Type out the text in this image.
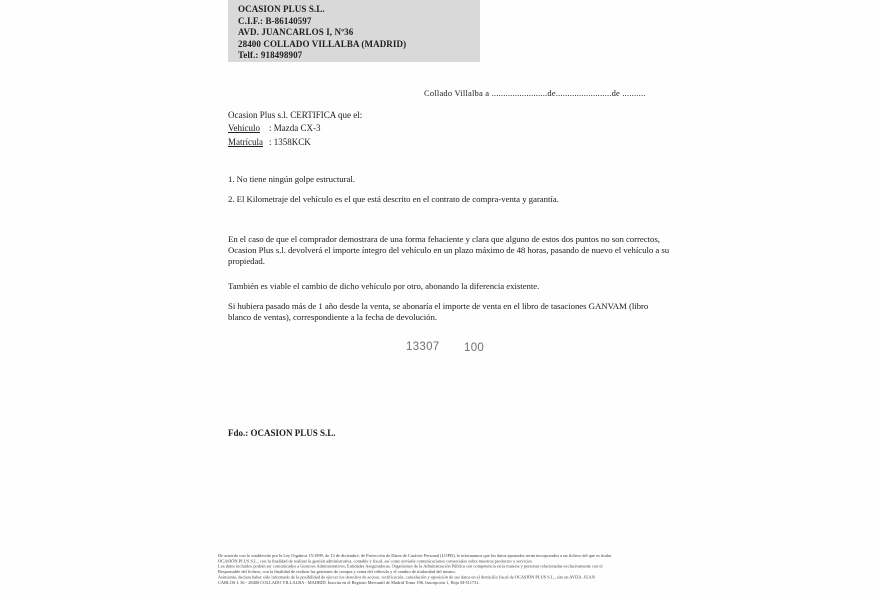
OCASION PLUS S.L.
C.I.F.: B-86140597
AVD. JUANCARLOS I, Nº36
28400 COLLADO VILLALBA (MADRID)
Telf.: 918498907
Collado Villalba a ........................de........................de ..........
Ocasion Plus s.l. CERTIFICA que el:
Vehículo : Mazda CX-3
Matrícula : 1358KCK
1. No tiene ningún golpe estructural.
2. El Kilometraje del vehículo es el que está descrito en el contrato de compra-venta y garantía.
En el caso de que el comprador demostrara de una forma fehaciente y clara que alguno de estos dos puntos no son correctos, Ocasion Plus s.l. devolverá el importe íntegro del vehículo en un plazo máximo de 48 horas, pasando de nuevo el vehículo a su propiedad.
También es viable el cambio de dicho vehículo por otro, abonando la diferencia existente.
Si hubiera pasado más de 1 año desde la venta, se abonaría el importe de venta en el libro de tasaciones GANVAM (libro blanco de ventas), correspondiente a la fecha de devolución.
Fdo.: OCASION PLUS S.L.
De acuerdo con lo establecido por la Ley Orgánica 15/1999, de 13 de diciembre, de Protección de Datos de Carácter Personal (LOPD), le informamos que los datos aportados serán incorporados a un fichero del que es titular
OCASIÓN PLUS S.L., con la finalidad de realizar la gestión administrativa, contable y fiscal, así como enviarle comunicaciones comerciales sobre nuestros productos y servicios.
Los datos incluidos podrán ser comunicados a Gestores Administrativos, Entidades Aseguradoras, Organismos de la Administración Pública con competencia en la materia y personas relacionadas exclusivamente con el
Responsable del fichero, con la finalidad de realizar las gestiones de compra y venta del vehículo y el cambio de titularidad del mismo.
Asimismo, declara haber sido informado de la posibilidad de ejercer los derechos de acceso, rectificación, cancelación y oposición de sus datos en el domicilio fiscal de OCASIÓN PLUS S.L., sito en AVDA. JUAN
CARLOS I, 36 - 28400 COLLADO VILLALBA - MADRID. Inscrita en el Registro Mercantil de Madrid Tomo 196, Inscripción 1, Hoja M-511731.
13307 100
